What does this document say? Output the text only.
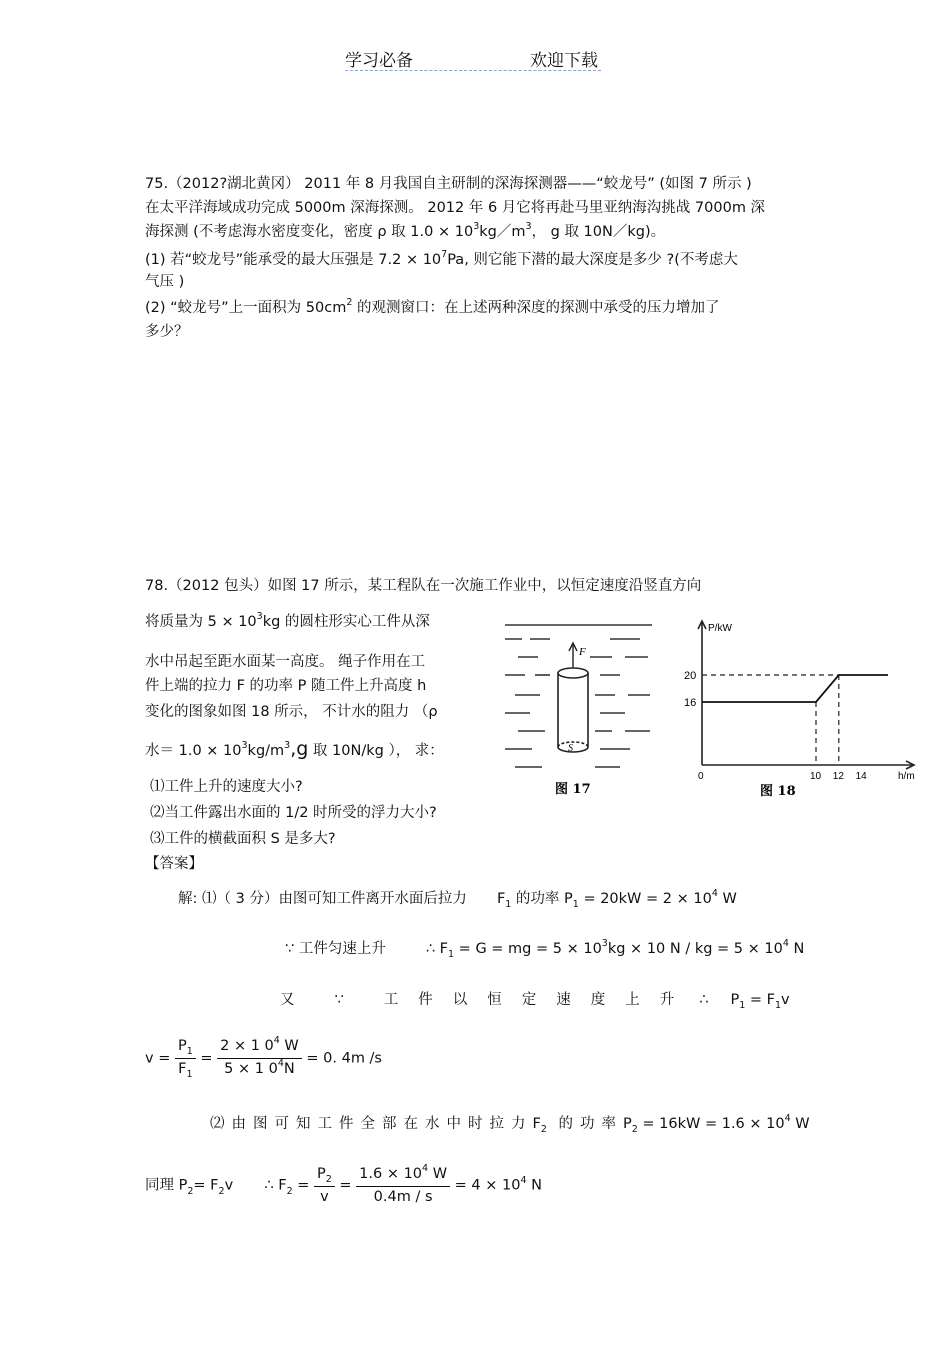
学习必备	欢迎下载
75.（2012?湖北黄冈） 2011 年 8 月我国自主研制的深海探测器——“蛟龙号” (如图 7 所示 )
在太平洋海域成功完成 5000m 深海探测。 2012 年 6 月它将再赴马里亚纳海沟挑战 7000m 深
海探测 (不考虑海水密度变化，密度 ρ 取 $1.0 \times 10^3kg/m^3$， g 取 10N／kg)。
(1) 若“蛟龙号”能承受的最大压强是 $7.2 \times 10^7Pa$, 则它能下潜的最大深度是多少 ?(不考虑大
气压 )
(2) “蛟龙号”上一面积为 $50cm^2$ 的观测窗口：在上述两种深度的探测中承受的压力增加了
多少？
78.（2012 包头）如图 17 所示，某工程队在一次施工作业中，以恒定速度沿竖直方向
将质量为 $5 \times 10^3kg$ 的圆柱形实心工件从深
水中吊起至距水面某一高度。 绳子作用在工
件上端的拉力 F 的功率 P 随工件上升高度 h
变化的图象如图 18 所示， 不计水的阻力 （ρ
水＝ $1.0 \times 10^3kg/m^3,g$ 取 10N/kg ）， 求：
⑴工件上升的速度大小?
⑵当工件露出水面的 1/2 时所受的浮力大小?
⑶工件的横截面积 S 是多大?
【答案】
F
S
图 17
16
20
10 12 14
P/kW
h/m
0
图 18
解: ⑴（ 3 分）由图可知工件离开水面后拉力 $F_1$ 的功率 $P_1 = 20kW = 2 \times 10^4$ W
∵ 工件匀速上升	∴ $F_1 = G$ = mg = $5 \times 10^3kg \times 10$ N / kg = $5 \times 10^4$ N
又	∵	工件以恒定速度上升 ∴ $P_1 = F_1v$
$v = \frac{P_1}{F_1} = \frac{2 \times 1 0^4 W}{5 \times 1 0^4N} = 0$. 4m /s
⑵由图可知工件全部在水中时拉力$F_2$ 的功率$P_2 = 16kW = 1.6 \times 10^4$ W
同理 $P_2= F_2v$ ∴ $F_2 = \frac{P_2}{v} = \frac{1.6 \times 10^4 W}{0.4m / s} = 4 \times 10^4$ N
